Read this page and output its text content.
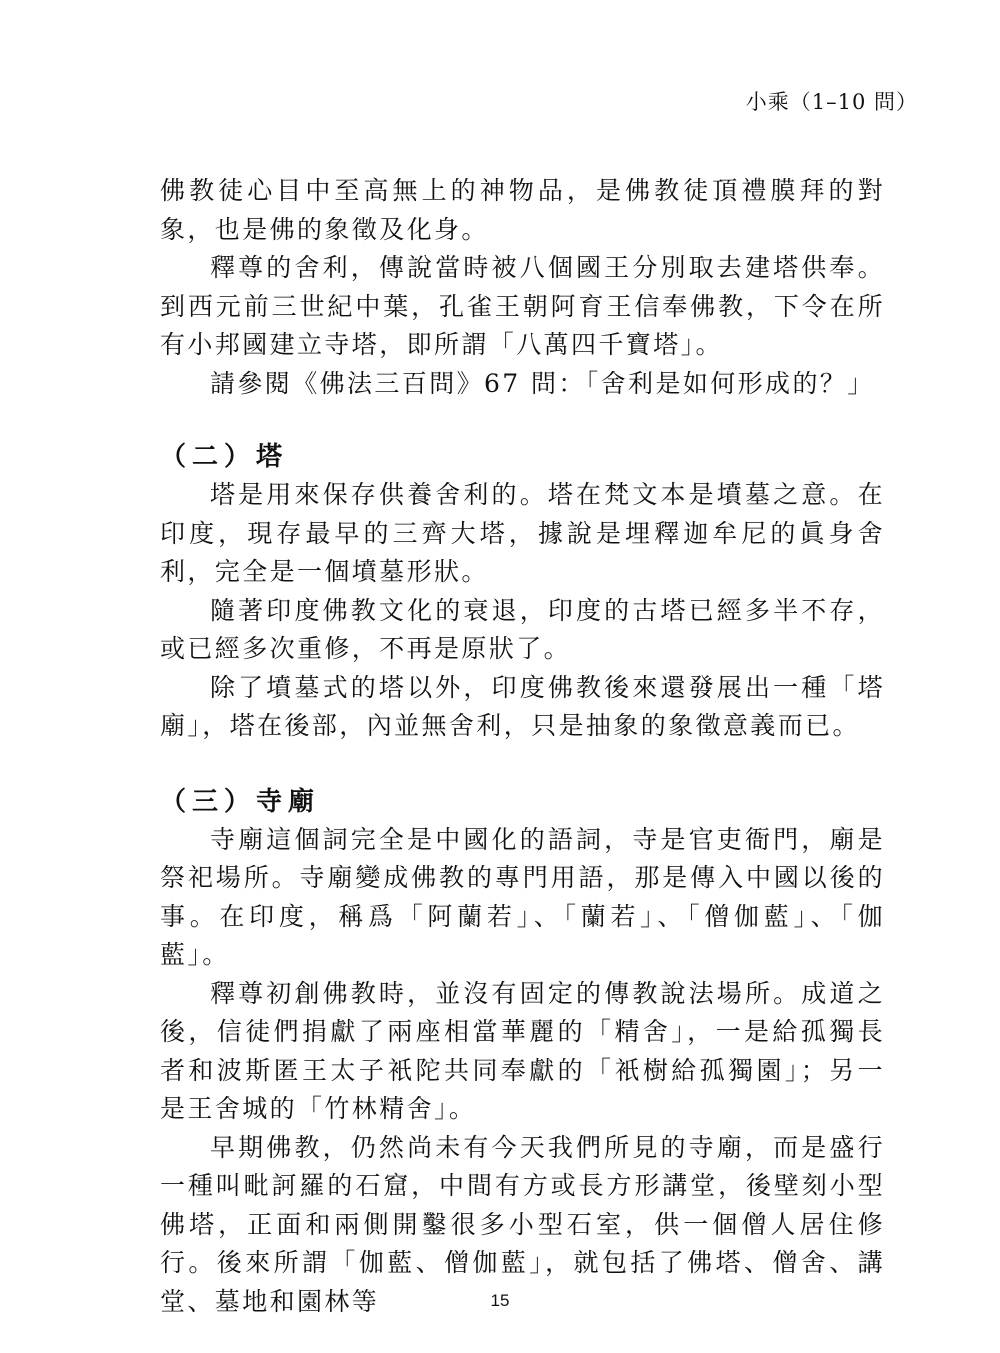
小乘（1–10 問）

佛教徒心目中至高無上的神物品，是佛教徒頂禮膜拜的對象，也是佛的象徵及化身。

釋尊的舍利，傳說當時被八個國王分別取去建塔供奉。到西元前三世紀中葉，孔雀王朝阿育王信奉佛教，下令在所有小邦國建立寺塔，即所謂「八萬四千寶塔」。

請參閱《佛法三百問》67 問：「舍利是如何形成的？」

（二）塔

塔是用來保存供養舍利的。塔在梵文本是墳墓之意。在印度，現存最早的三齊大塔，據說是埋釋迦牟尼的眞身舍利，完全是一個墳墓形狀。

隨著印度佛教文化的衰退，印度的古塔已經多半不存，或已經多次重修，不再是原狀了。

除了墳墓式的塔以外，印度佛教後來還發展出一種「塔廟」，塔在後部，內並無舍利，只是抽象的象徵意義而已。

（三）寺廟

寺廟這個詞完全是中國化的語詞，寺是官吏衙門，廟是祭祀場所。寺廟變成佛教的專門用語，那是傳入中國以後的事。在印度，稱爲「阿蘭若」、「蘭若」、「僧伽藍」、「伽藍」。

釋尊初創佛教時，並沒有固定的傳教說法場所。成道之後，信徒們捐獻了兩座相當華麗的「精舍」，一是給孤獨長者和波斯匿王太子衹陀共同奉獻的「衹樹給孤獨園」；另一是王舍城的「竹林精舍」。

早期佛教，仍然尚未有今天我們所見的寺廟，而是盛行一種叫毗訶羅的石窟，中間有方或長方形講堂，後壁刻小型佛塔，正面和兩側開鑿很多小型石室，供一個僧人居住修行。後來所謂「伽藍、僧伽藍」，就包括了佛塔、僧舍、講堂、墓地和園林等	15
